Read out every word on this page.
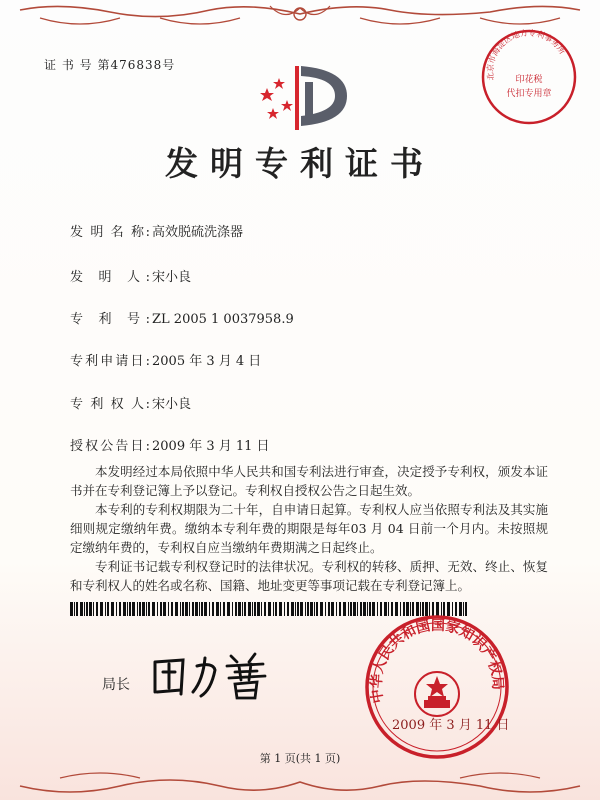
证 书 号 第476838号
北京市海淀区地方专利事务所
印花税
代扣专用章
发明专利证书
发 明 名 称: 高效脱硫洗涤器
发 明 人: 宋小良
专 利 号: ZL 2005 1 0037958.9
专利申请日: 2005 年 3 月 4 日
专 利 权 人: 宋小良
授权公告日: 2009 年 3 月 11 日

本发明经过本局依照中华人民共和国专利法进行审查，决定授予专利权，颁发本证书并在专利登记簿上予以登记。专利权自授权公告之日起生效。

本专利的专利权期限为二十年，自申请日起算。专利权人应当依照专利法及其实施细则规定缴纳年费。缴纳本专利年费的期限是每年03 月 04 日前一个月内。未按照规定缴纳年费的，专利权自应当缴纳年费期满之日起终止。

专利证书记载专利权登记时的法律状况。专利权的转移、质押、无效、终止、恢复和专利权人的姓名或名称、国籍、地址变更等事项记载在专利登记簿上。

局长
中华人民共和国国家知识产权局
2009 年 3 月 11 日
第 1 页(共 1 页)
